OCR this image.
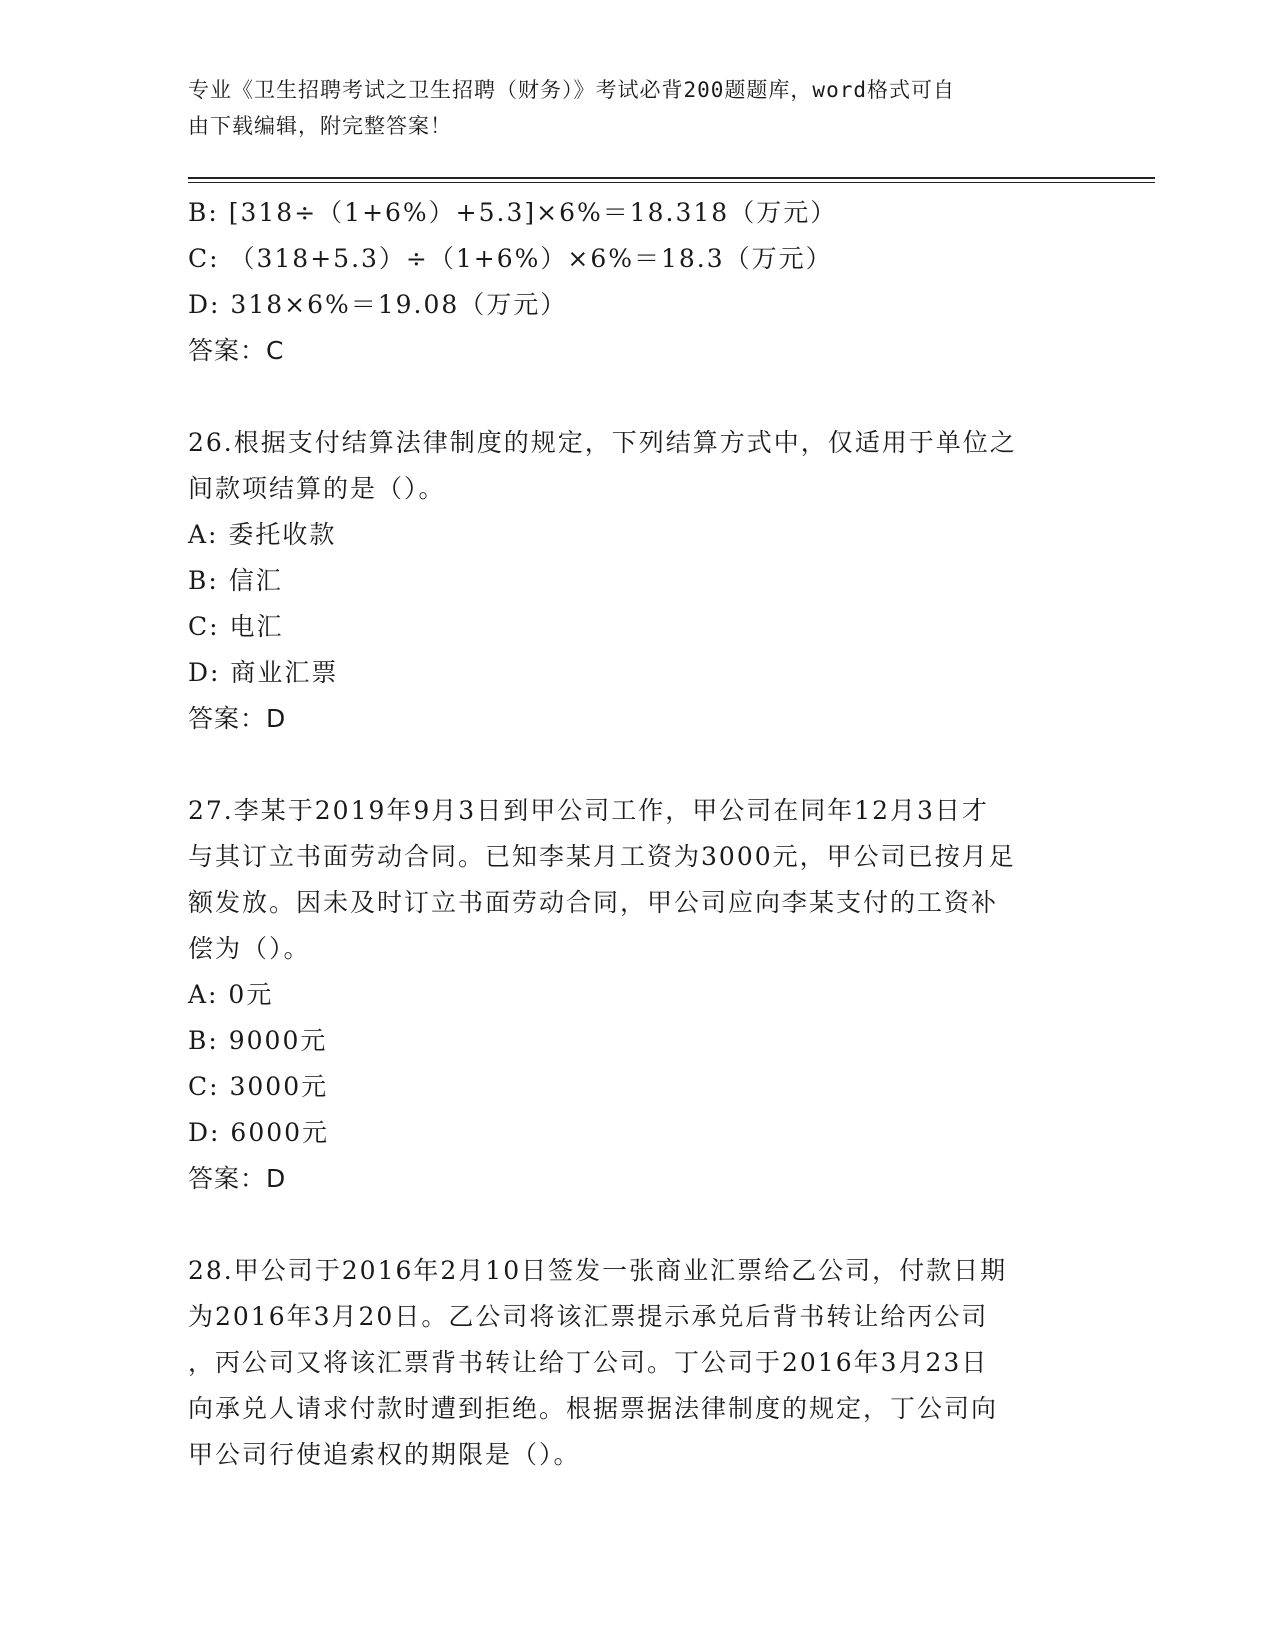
专业《卫生招聘考试之卫生招聘（财务）》考试必背200题题库，word格式可自
由下载编辑，附完整答案！
B: [318÷（1+6%）+5.3]×6%＝18.318（万元）
C: （318+5.3）÷（1+6%）×6%＝18.3（万元）
D: 318×6%＝19.08（万元）
答案：C
26.根据支付结算法律制度的规定，下列结算方式中，仅适用于单位之
间款项结算的是（）。
A: 委托收款
B: 信汇
C: 电汇
D: 商业汇票
答案：D
27.李某于2019年9月3日到甲公司工作，甲公司在同年12月3日才
与其订立书面劳动合同。已知李某月工资为3000元，甲公司已按月足
额发放。因未及时订立书面劳动合同，甲公司应向李某支付的工资补
偿为（）。
A: 0元
B: 9000元
C: 3000元
D: 6000元
答案：D
28.甲公司于2016年2月10日签发一张商业汇票给乙公司，付款日期
为2016年3月20日。乙公司将该汇票提示承兑后背书转让给丙公司
，丙公司又将该汇票背书转让给丁公司。丁公司于2016年3月23日
向承兑人请求付款时遭到拒绝。根据票据法律制度的规定，丁公司向
甲公司行使追索权的期限是（）。
